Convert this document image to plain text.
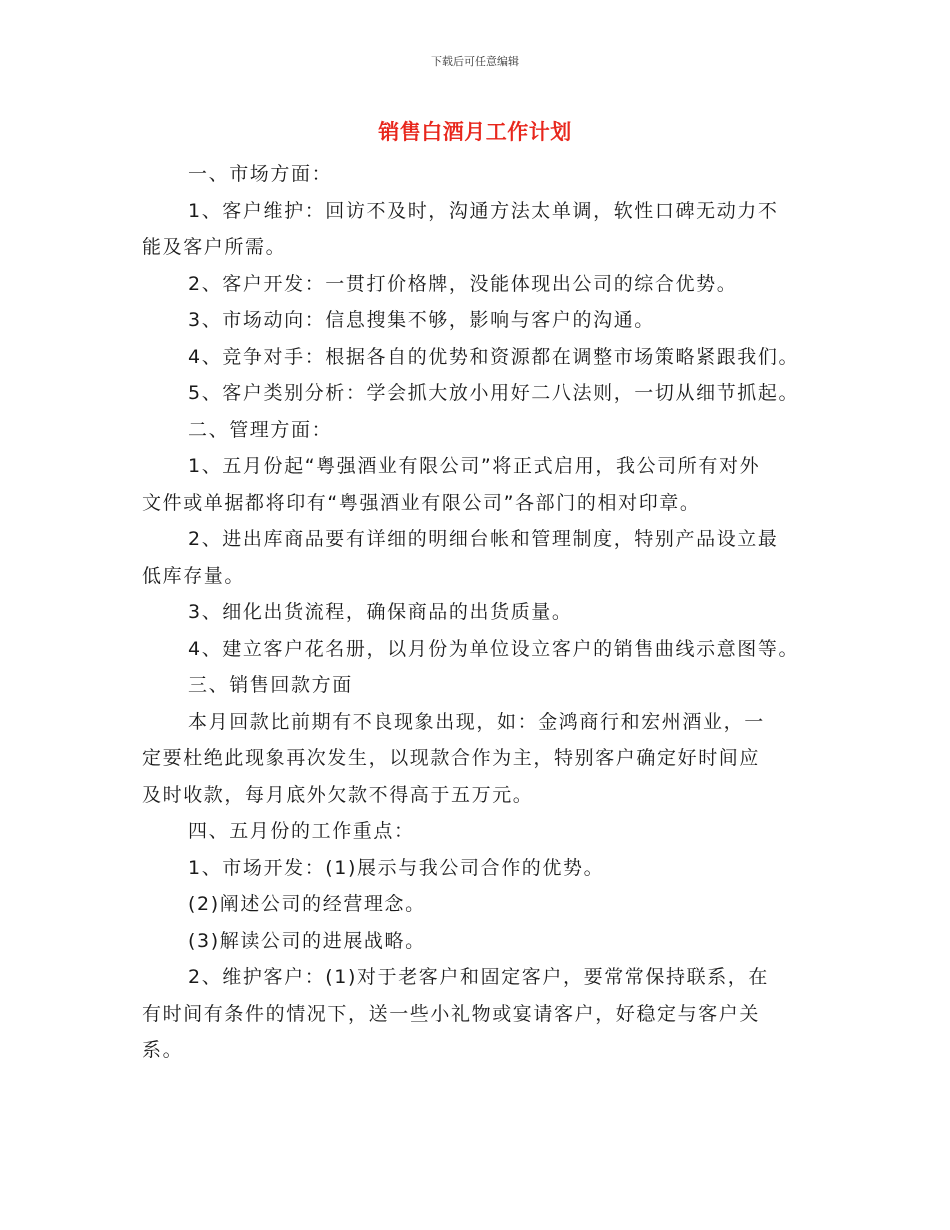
下载后可任意编辑
销售白酒月工作计划

一、市场方面：

1、客户维护：回访不及时，沟通方法太单调，软性口碑无动力不

能及客户所需。

2、客户开发：一贯打价格牌，没能体现出公司的综合优势。

3、市场动向：信息搜集不够，影响与客户的沟通。

4、竞争对手：根据各自的优势和资源都在调整市场策略紧跟我们。

5、客户类别分析：学会抓大放小用好二八法则，一切从细节抓起。

二、管理方面：

1、五月份起“粤强酒业有限公司”将正式启用，我公司所有对外

文件或单据都将印有“粤强酒业有限公司”各部门的相对印章。

2、进出库商品要有详细的明细台帐和管理制度，特别产品设立最

低库存量。

3、细化出货流程，确保商品的出货质量。

4、建立客户花名册，以月份为单位设立客户的销售曲线示意图等。

三、销售回款方面

本月回款比前期有不良现象出现，如：金鸿商行和宏州酒业，一

定要杜绝此现象再次发生，以现款合作为主，特别客户确定好时间应

及时收款，每月底外欠款不得高于五万元。

四、五月份的工作重点：

1、市场开发：(1)展示与我公司合作的优势。

(2)阐述公司的经营理念。

(3)解读公司的进展战略。

2、维护客户：(1)对于老客户和固定客户，要常常保持联系，在

有时间有条件的情况下，送一些小礼物或宴请客户，好稳定与客户关

系。
